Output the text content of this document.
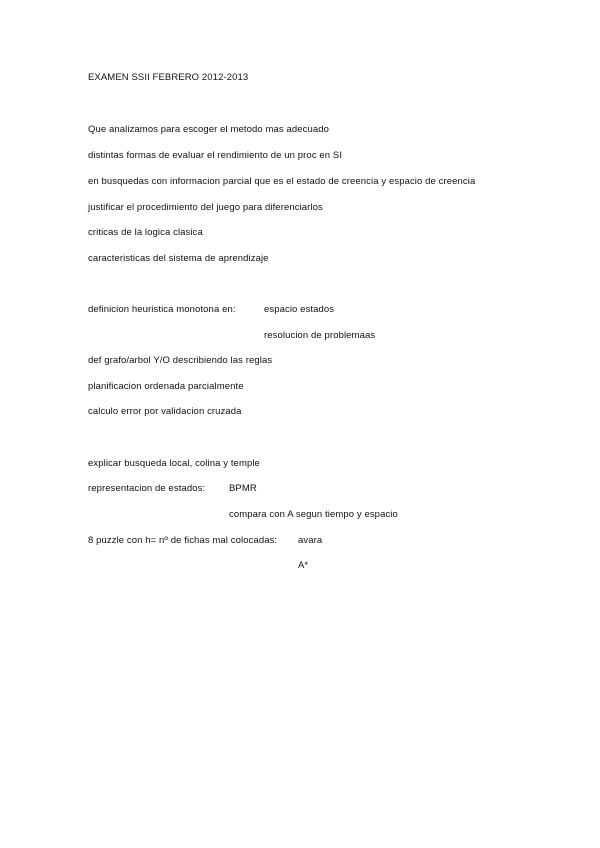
EXAMEN SSII FEBRERO 2012-2013
Que analizamos para escoger el metodo mas adecuado
distintas formas de evaluar el rendimiento de un proc en SI
en busquedas con informacion parcial que es el estado de creencia y espacio de creencia
justificar el procedimiento del juego para diferenciarlos
criticas de la logica clasica
caracteristicas del sistema de aprendizaje
definicion heuristica monotona en:	espacio estados
resolucion de problemaas
def grafo/arbol Y/O describiendo las reglas
planificacion ordenada parcialmente
calculo error por validacion cruzada
explicar busqueda local, colina y temple
representacion de estados:	BPMR
compara con A segun tiempo y espacio
8 puzzle con h= nº de fichas mal colocadas: avara
A*
